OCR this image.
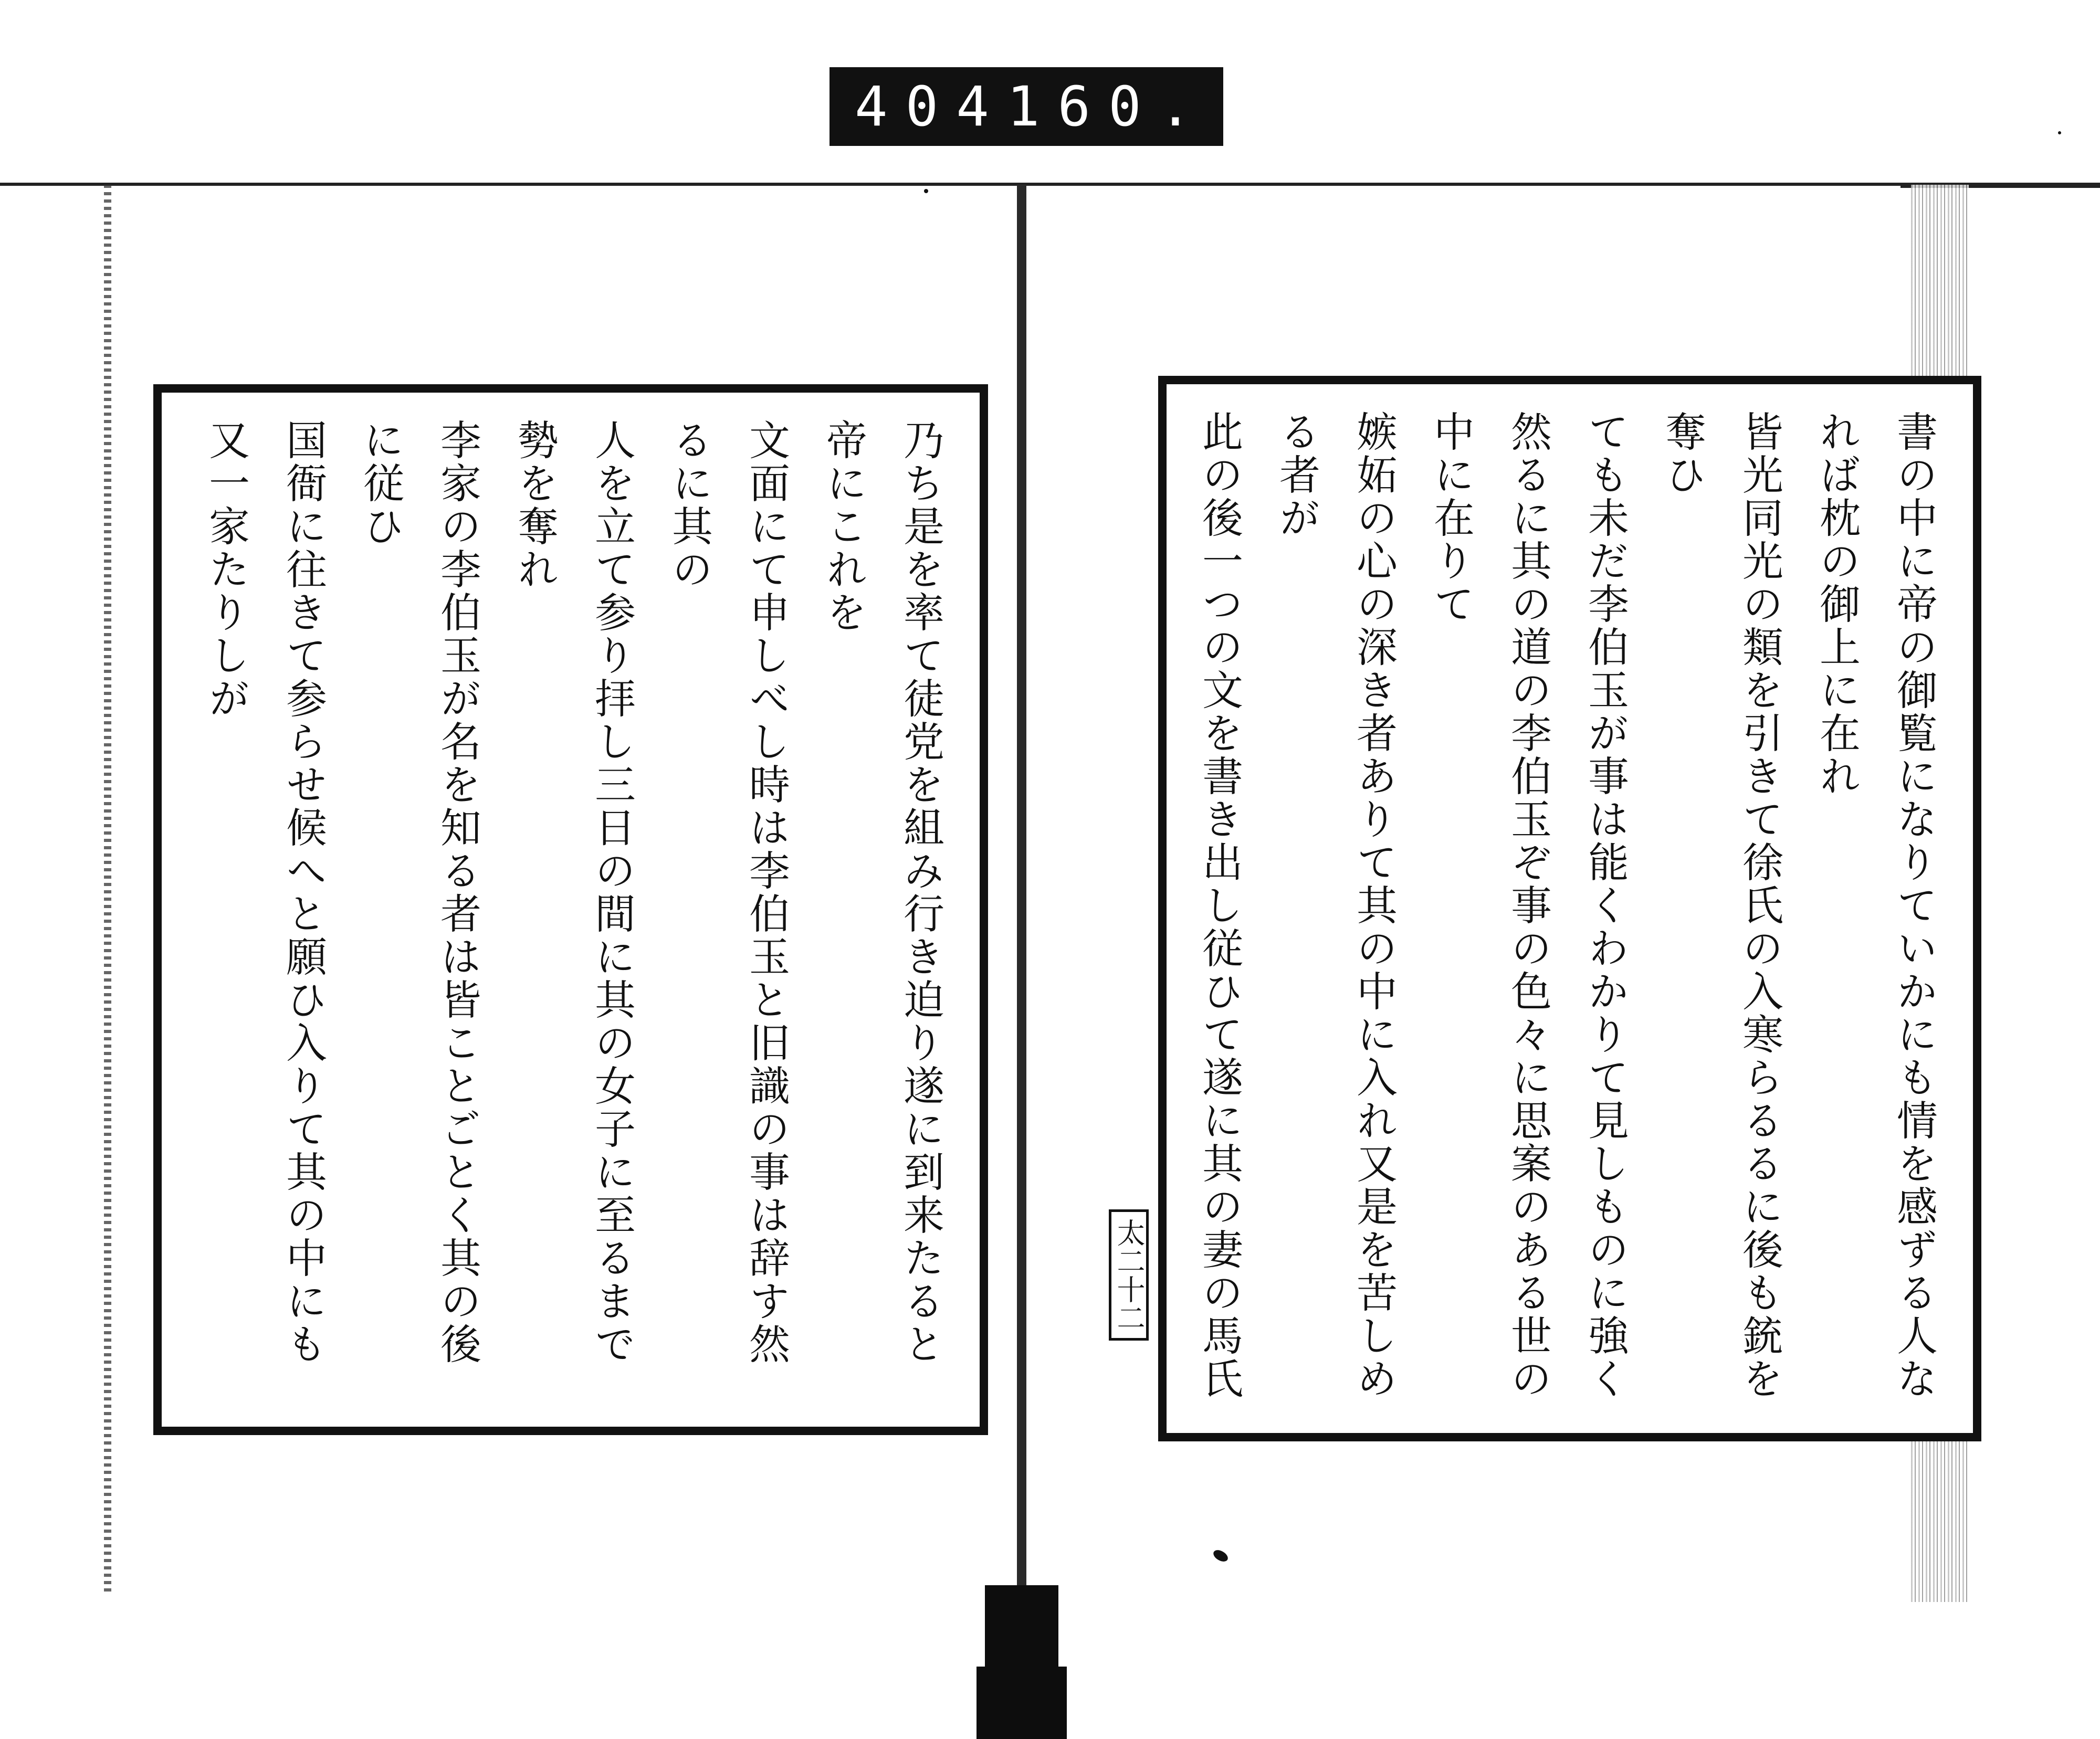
404 160.

乃ち是を率て徒党を組み行き迫り遂に到来たると帝にこれを

文面にて申しべし時は李伯玉と旧識の事は辞す然るに其の

人を立て参り拝し三日の間に其の女子に至るまで勢を奪れ

李家の李伯玉が名を知る者は皆ことごとく其の後に従ひ

国衙に往きて参らせ候へと願ひ入りて其の中にも又一家たりしが	書の中に帝の御覧になりていかにも情を感ずる人なれば枕の御上に在れ

皆光同光の類を引きて徐氏の入寒らるるに後も銃を奪ひ

ても未だ李伯玉が事は能くわかりて見しものに強く

然るに其の道の李伯玉ぞ事の色々に思案のある世の中に在りて

嫉妬の心の深き者ありて其の中に入れ又是を苦しめる者が

此の後一つの文を書き出し従ひて遂に其の妻の馬氏

太二十二
